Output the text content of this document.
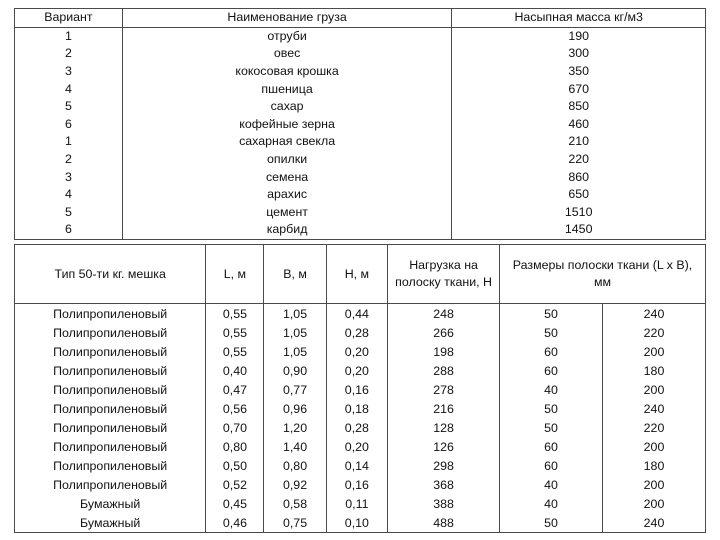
Вариант	Наименование груза	Насыпная масса кг/м3
1	отруби	190
2	овес	300
3	кокосовая крошка	350
4	пшеница	670
5	сахар	850
6	кофейные зерна	460
1	сахарная свекла	210
2	опилки	220
3	семена	860
4	арахис	650
5	цемент	1510
6	карбид	1450
Тип 50-ти кг. мешка	L, м	B, м	H, м	Нагрузка на полоску ткани, Н	Размеры полоски ткани (L x B), мм	
Полипропиленовый	0,55	1,05	0,44	248	50	240
Полипропиленовый	0,55	1,05	0,28	266	50	220
Полипропиленовый	0,55	1,05	0,20	198	60	200
Полипропиленовый	0,40	0,90	0,20	288	60	180
Полипропиленовый	0,47	0,77	0,16	278	40	200
Полипропиленовый	0,56	0,96	0,18	216	50	240
Полипропиленовый	0,70	1,20	0,28	128	50	220
Полипропиленовый	0,80	1,40	0,20	126	60	200
Полипропиленовый	0,50	0,80	0,14	298	60	180
Полипропиленовый	0,52	0,92	0,16	368	40	200
Бумажный	0,45	0,58	0,11	388	40	200
Бумажный	0,46	0,75	0,10	488	50	240
